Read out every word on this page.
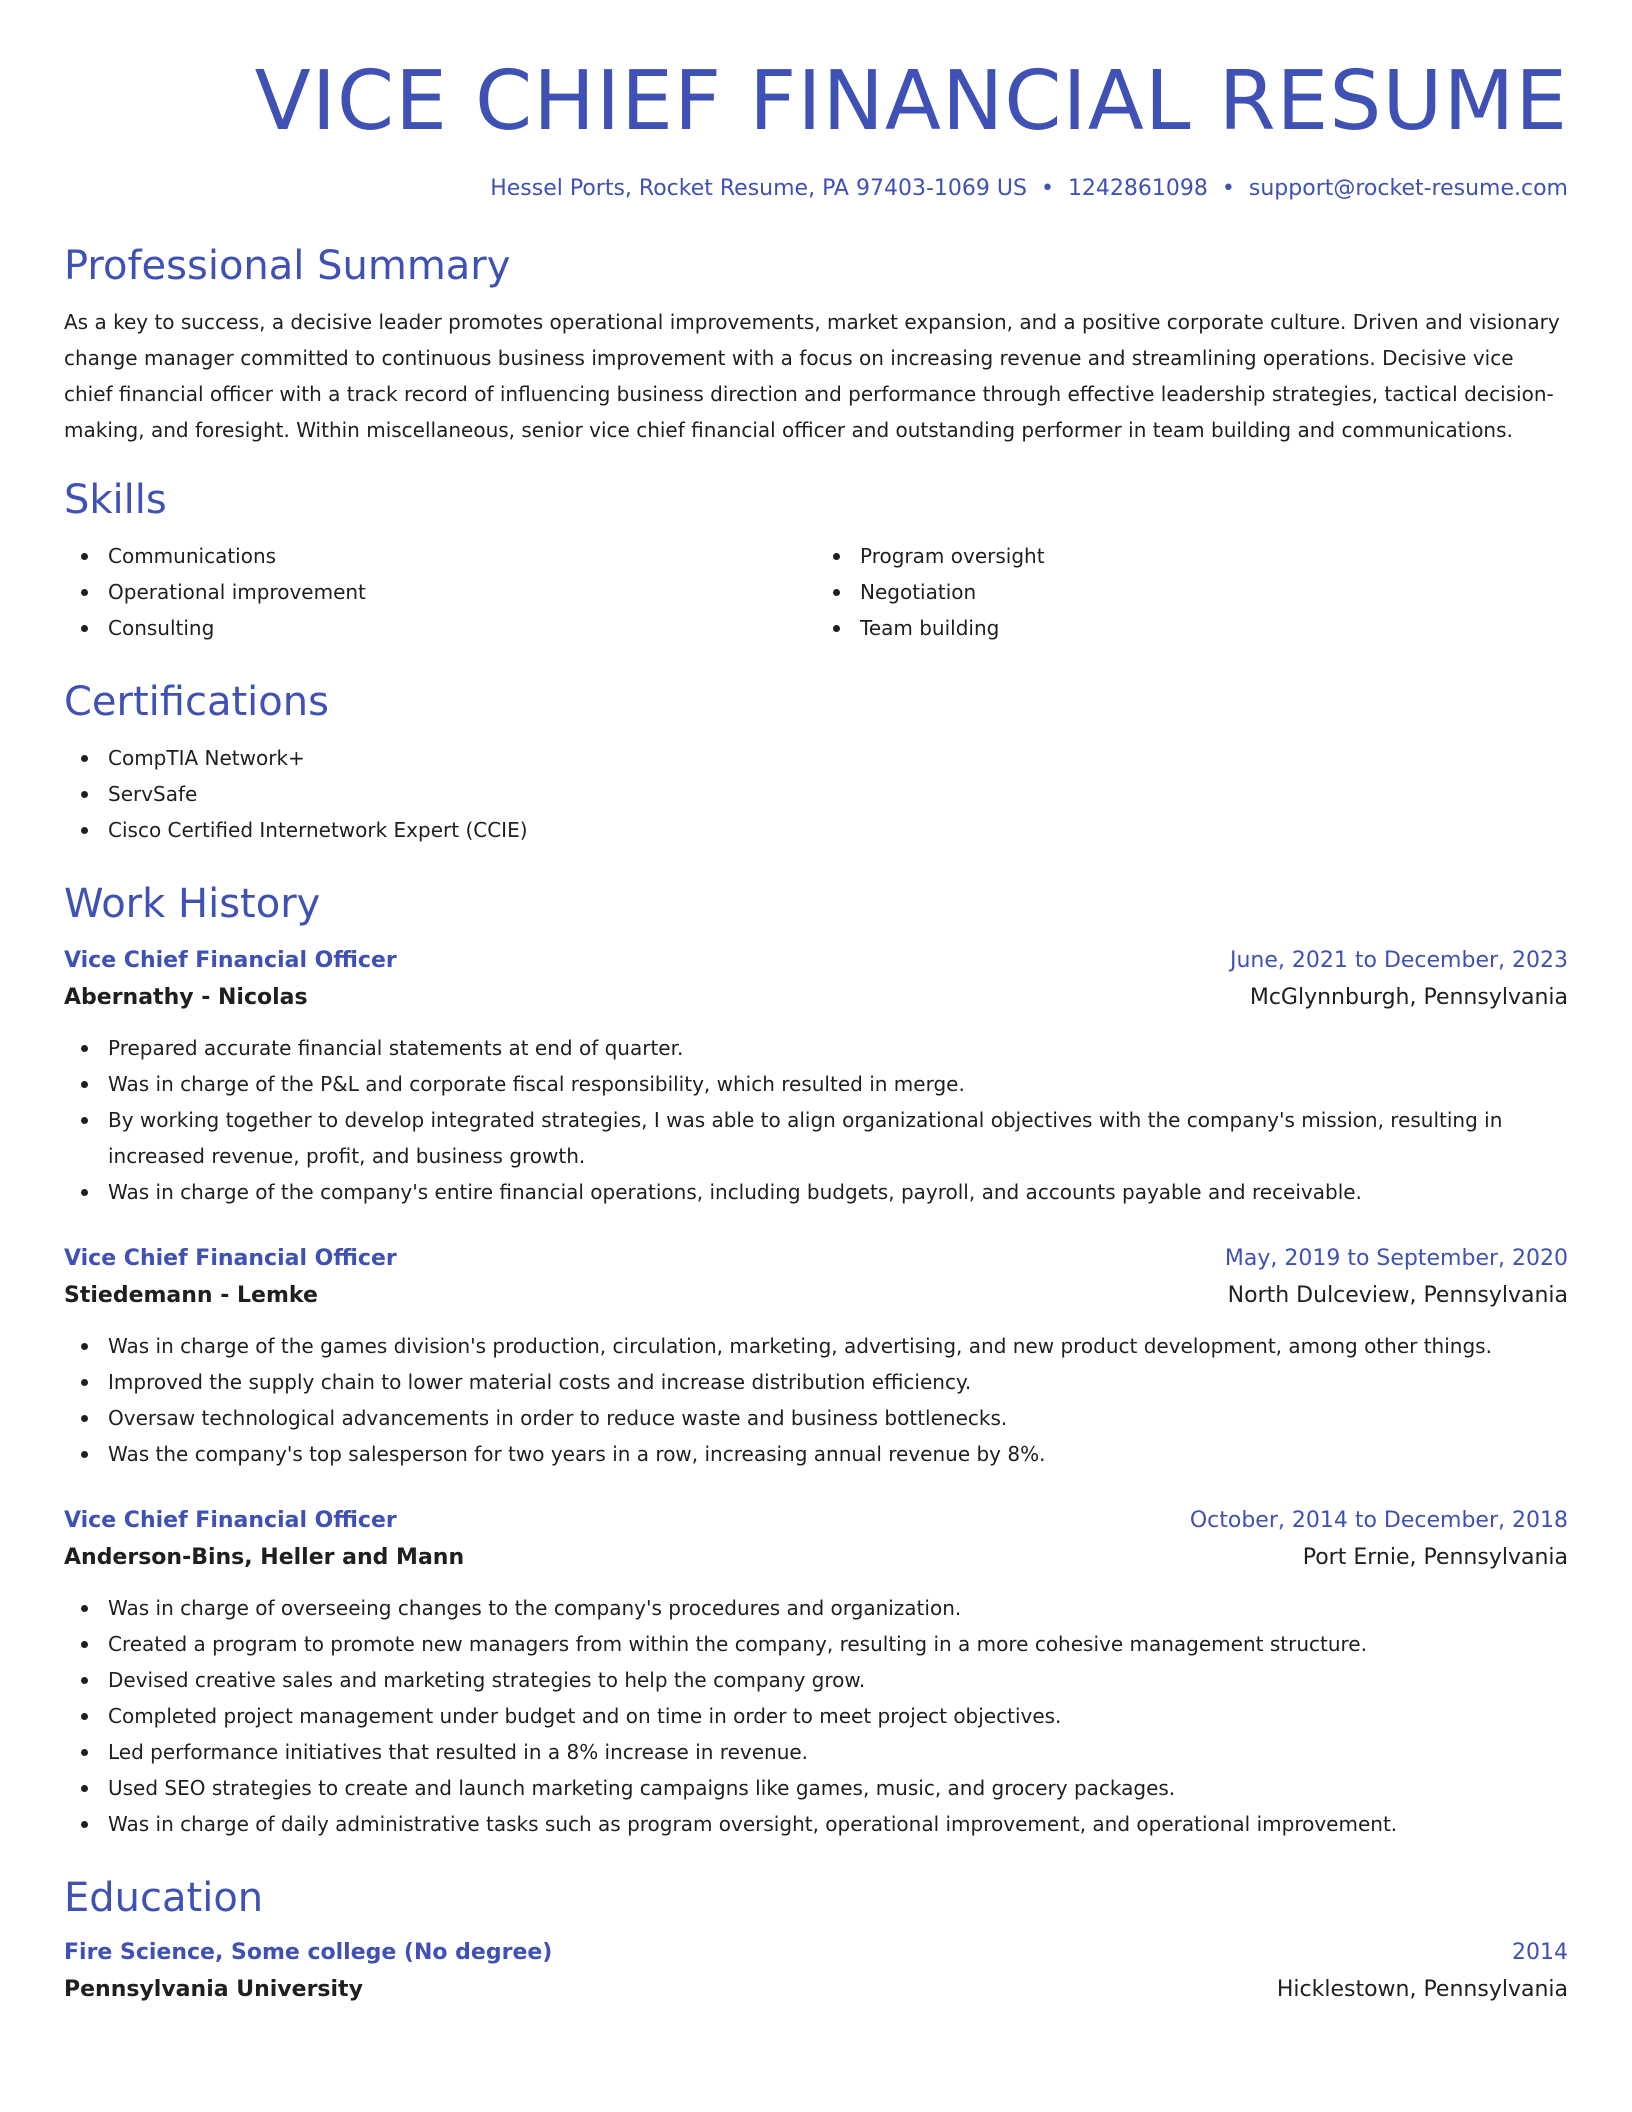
VICE CHIEF FINANCIAL RESUME
Hessel Ports, Rocket Resume, PA 97403-1069 US • 1242861098 • support@rocket-resume.com
Professional Summary

As a key to success, a decisive leader promotes operational improvements, market expansion, and a positive corporate culture. Driven and visionary change manager committed to continuous business improvement with a focus on increasing revenue and streamlining operations. Decisive vice chief financial officer with a track record of influencing business direction and performance through effective leadership strategies, tactical decision-making, and foresight. Within miscellaneous, senior vice chief financial officer and outstanding performer in team building and communications.

Skills
Communications
Operational improvement
Consulting
Program oversight
Negotiation
Team building
Certifications
CompTIA Network+
ServSafe
Cisco Certified Internetwork Expert (CCIE)
Work History
Vice Chief Financial Officer	June, 2021 to December, 2023
Abernathy - Nicolas	McGlynnburgh, Pennsylvania
Prepared accurate financial statements at end of quarter.
Was in charge of the P&L and corporate fiscal responsibility, which resulted in merge.
By working together to develop integrated strategies, I was able to align organizational objectives with the company's mission, resulting in increased revenue, profit, and business growth.
Was in charge of the company's entire financial operations, including budgets, payroll, and accounts payable and receivable.
Vice Chief Financial Officer	May, 2019 to September, 2020
Stiedemann - Lemke	North Dulceview, Pennsylvania
Was in charge of the games division's production, circulation, marketing, advertising, and new product development, among other things.
Improved the supply chain to lower material costs and increase distribution efficiency.
Oversaw technological advancements in order to reduce waste and business bottlenecks.
Was the company's top salesperson for two years in a row, increasing annual revenue by 8%.
Vice Chief Financial Officer	October, 2014 to December, 2018
Anderson-Bins, Heller and Mann	Port Ernie, Pennsylvania
Was in charge of overseeing changes to the company's procedures and organization.
Created a program to promote new managers from within the company, resulting in a more cohesive management structure.
Devised creative sales and marketing strategies to help the company grow.
Completed project management under budget and on time in order to meet project objectives.
Led performance initiatives that resulted in a 8% increase in revenue.
Used SEO strategies to create and launch marketing campaigns like games, music, and grocery packages.
Was in charge of daily administrative tasks such as program oversight, operational improvement, and operational improvement.
Education
Fire Science, Some college (No degree)	2014
Pennsylvania University	Hicklestown, Pennsylvania
